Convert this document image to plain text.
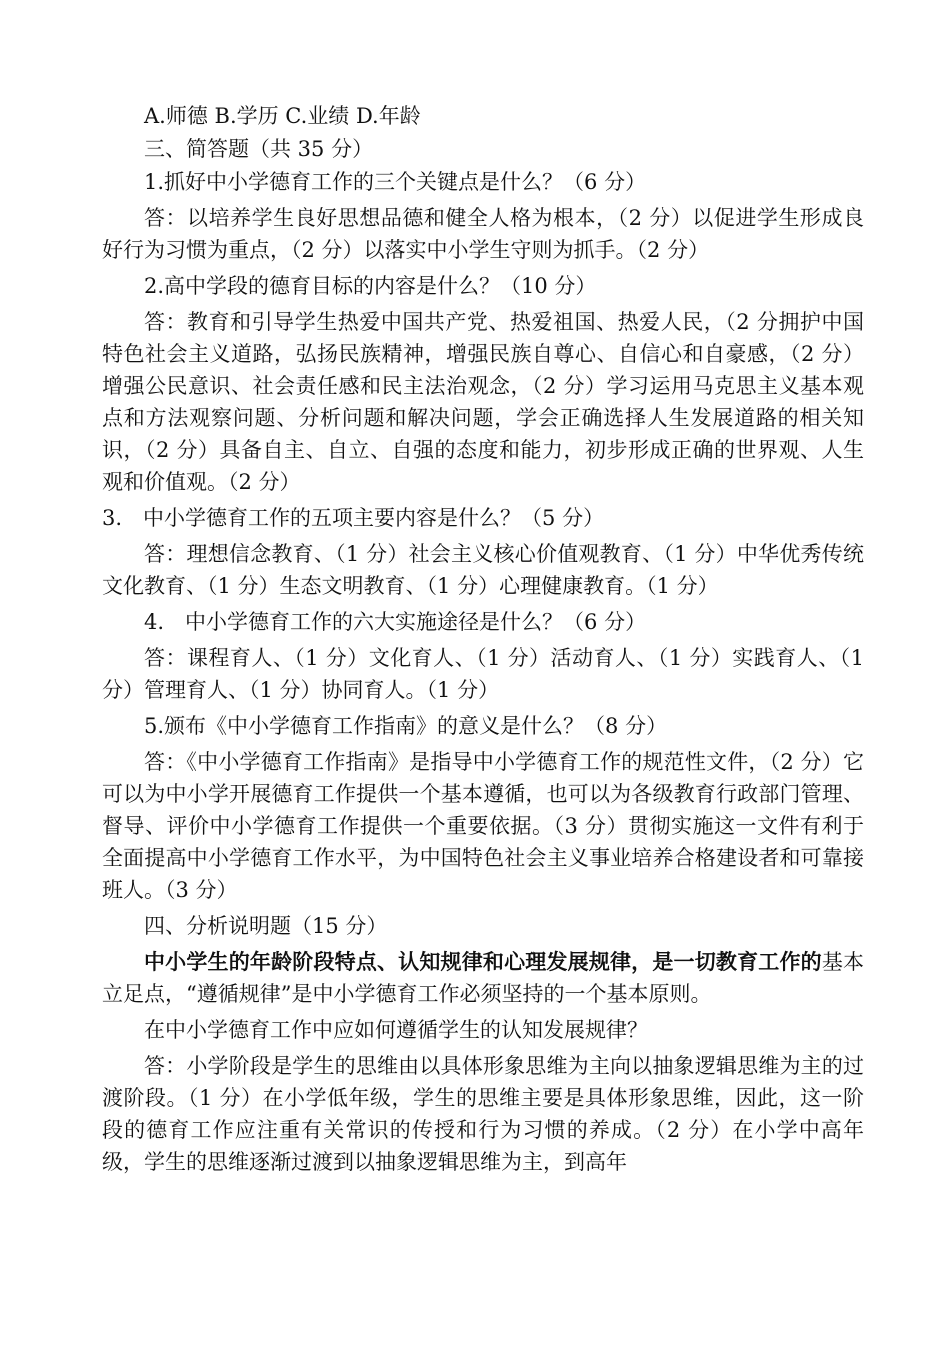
A.师德 B.学历 C.业绩 D.年龄

三、简答题（共 35 分）

1.抓好中小学德育工作的三个关键点是什么？（6 分）

答：以培养学生良好思想品德和健全人格为根本，（2 分）以促进学生形成良好行为习惯为重点，（2 分）以落实中小学生守则为抓手。（2 分）

2.高中学段的德育目标的内容是什么？（10 分）

答：教育和引导学生热爱中国共产党、热爱祖国、热爱人民，（2 分拥护中国特色社会主义道路，弘扬民族精神，增强民族自尊心、自信心和自豪感，（2 分）增强公民意识、社会责任感和民主法治观念，（2 分）学习运用马克思主义基本观点和方法观察问题、分析问题和解决问题，学会正确选择人生发展道路的相关知识，（2 分）具备自主、自立、自强的态度和能力，初步形成正确的世界观、人生观和价值观。（2 分）

3.　中小学德育工作的五项主要内容是什么？（5 分）

答：理想信念教育、（1 分）社会主义核心价值观教育、（1 分）中华优秀传统文化教育、（1 分）生态文明教育、（1 分）心理健康教育。（1 分）

4.　中小学德育工作的六大实施途径是什么？（6 分）

答：课程育人、（1 分）文化育人、（1 分）活动育人、（1 分）实践育人、（1 分）管理育人、（1 分）协同育人。（1 分）

5.颁布《中小学德育工作指南》的意义是什么？（8 分）

答：《中小学德育工作指南》是指导中小学德育工作的规范性文件，（2 分）它可以为中小学开展德育工作提供一个基本遵循，也可以为各级教育行政部门管理、督导、评价中小学德育工作提供一个重要依据。（3 分）贯彻实施这一文件有利于全面提高中小学德育工作水平，为中国特色社会主义事业培养合格建设者和可靠接班人。（3 分）

四、分析说明题（15 分）

中小学生的年龄阶段特点、认知规律和心理发展规律，是一切教育工作的基本立足点，“遵循规律”是中小学德育工作必须坚持的一个基本原则。

在中小学德育工作中应如何遵循学生的认知发展规律？

答：小学阶段是学生的思维由以具体形象思维为主向以抽象逻辑思维为主的过渡阶段。（1 分）在小学低年级，学生的思维主要是具体形象思维，因此，这一阶段的德育工作应注重有关常识的传授和行为习惯的养成。（2 分）在小学中高年级，学生的思维逐渐过渡到以抽象逻辑思维为主，到高年
